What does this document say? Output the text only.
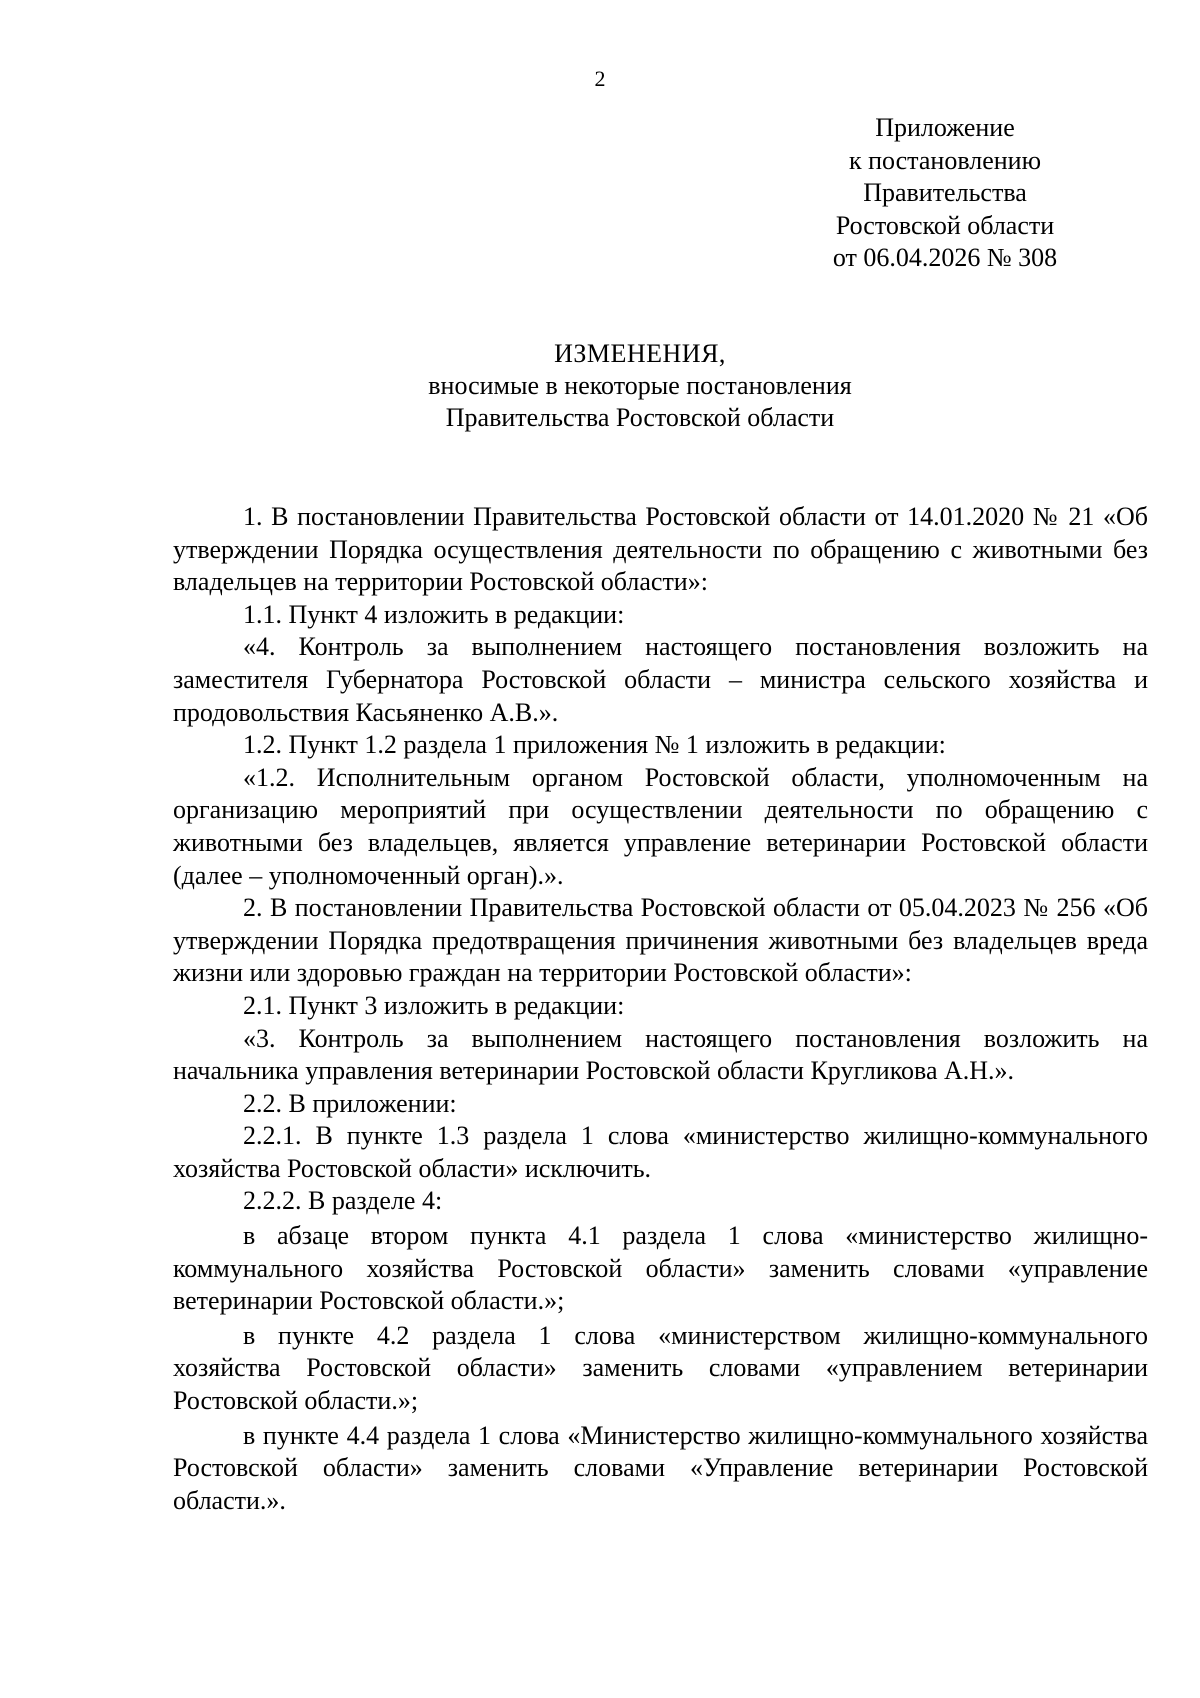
2
Приложение
к постановлению
Правительства
Ростовской области
от 06.04.2026 № 308
ИЗМЕНЕНИЯ,
вносимые в некоторые постановления
Правительства Ростовской области

1. В постановлении Правительства Ростовской области от 14.01.2020 № 21 «Об утверждении Порядка осуществления деятельности по обращению с животными без владельцев на территории Ростовской области»:

1.1. Пункт 4 изложить в редакции:

«4. Контроль за выполнением настоящего постановления возложить на заместителя Губернатора Ростовской области – министра сельского хозяйства и продовольствия Касьяненко А.В.».

1.2. Пункт 1.2 раздела 1 приложения № 1 изложить в редакции:

«1.2. Исполнительным органом Ростовской области, уполномоченным на организацию мероприятий при осуществлении деятельности по обращению с животными без владельцев, является управление ветеринарии Ростовской области (далее – уполномоченный орган).».

2. В постановлении Правительства Ростовской области от 05.04.2023 № 256 «Об утверждении Порядка предотвращения причинения животными без владельцев вреда жизни или здоровью граждан на территории Ростовской области»:

2.1. Пункт 3 изложить в редакции:

«3. Контроль за выполнением настоящего постановления возложить на начальника управления ветеринарии Ростовской области Кругликова А.Н.».

2.2. В приложении:

2.2.1. В пункте 1.3 раздела 1 слова «министерство жилищно-коммунального хозяйства Ростовской области» исключить.

2.2.2. В разделе 4:

в абзаце втором пункта 4.1 раздела 1 слова «министерство жилищно-коммунального хозяйства Ростовской области» заменить словами «управление ветеринарии Ростовской области.»;

в пункте 4.2 раздела 1 слова «министерством жилищно-коммунального хозяйства Ростовской области» заменить словами «управлением ветеринарии Ростовской области.»;

в пункте 4.4 раздела 1 слова «Министерство жилищно-коммунального хозяйства Ростовской области» заменить словами «Управление ветеринарии Ростовской области.».
